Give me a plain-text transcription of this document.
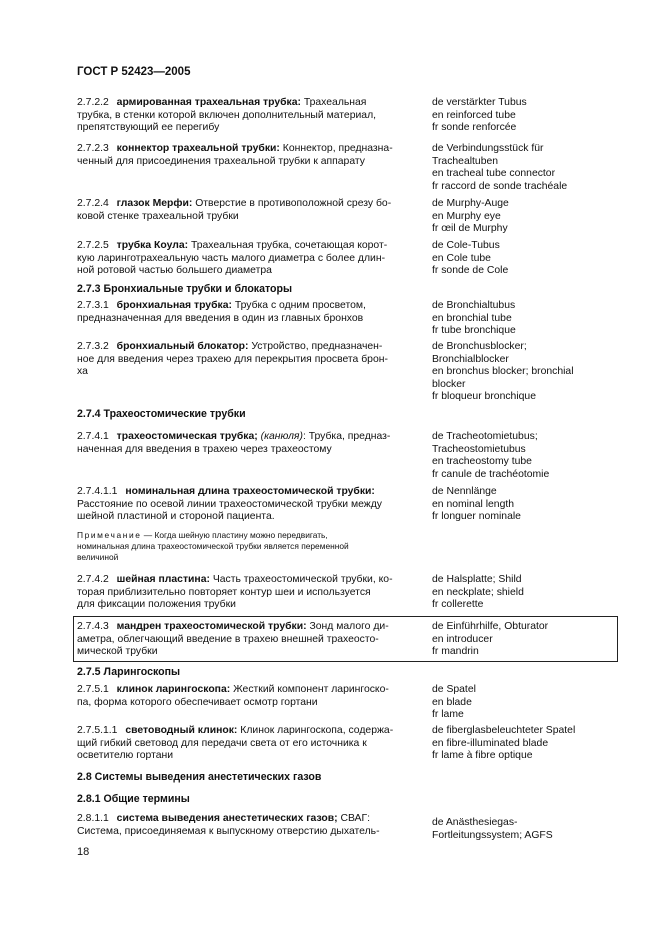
ГОСТ Р 52423—2005
2.7.2.2 армированная трахеальная трубка: Трахеальная
трубка, в стенки которой включен дополнительный материал,
препятствующий ее перегибу
de verstärkter Tubus
en reinforced tube
fr sonde renforcée
2.7.2.3 коннектор трахеальной трубки: Коннектор, предназна-
ченный для присоединения трахеальной трубки к аппарату
de Verbindungsstück für
Trachealtuben
en tracheal tube connector
fr raccord de sonde trachéale
2.7.2.4 глазок Мерфи: Отверстие в противоположной срезу бо-
ковой стенке трахеальной трубки
de Murphy-Auge
en Murphy eye
fr œil de Murphy
2.7.2.5 трубка Коула: Трахеальная трубка, сочетающая корот-
кую ларинготрахеальную часть малого диаметра с более длин-
ной ротовой частью большего диаметра
de Cole-Tubus
en Cole tube
fr sonde de Cole
2.7.3 Бронхиальные трубки и блокаторы
2.7.3.1 бронхиальная трубка: Трубка с одним просветом,
предназначенная для введения в один из главных бронхов
de Bronchialtubus
en bronchial tube
fr tube bronchique
2.7.3.2 бронхиальный блокатор: Устройство, предназначен-
ное для введения через трахею для перекрытия просвета брон-
ха
de Bronchusblocker;
Bronchialblocker
en bronchus blocker; bronchial
blocker
fr bloqueur bronchique
2.7.4 Трахеостомические трубки
2.7.4.1 трахеостомическая трубка; (канюля): Трубка, предназ-
наченная для введения в трахею через трахеостому
de Tracheotomietubus;
Tracheostomietubus
en tracheostomy tube
fr canule de trachéotomie
2.7.4.1.1 номинальная длина трахеостомической трубки:
Расстояние по осевой линии трахеостомической трубки между
шейной пластиной и стороной пациента.
de Nennlänge
en nominal length
fr longuer nominale
Примечание — Когда шейную пластину можно передвигать,
номинальная длина трахеостомической трубки является переменной
величиной
2.7.4.2 шейная пластина: Часть трахеостомической трубки, ко-
торая приблизительно повторяет контур шеи и используется
для фиксации положения трубки
de Halsplatte; Shild
en neckplate; shield
fr collerette
2.7.4.3 мандрен трахеостомической трубки: Зонд малого ди-
аметра, облегчающий введение в трахею внешней трахеосто-
мической трубки
de Einführhilfe, Obturator
en introducer
fr mandrin
2.7.5 Ларингоскопы
2.7.5.1 клинок ларингоскопа: Жесткий компонент ларингоско-
па, форма которого обеспечивает осмотр гортани
de Spatel
en blade
fr lame
2.7.5.1.1 световодный клинок: Клинок ларингоскопа, содержа-
щий гибкий световод для передачи света от его источника к
осветителю гортани
de fiberglasbeleuchteter Spatel
en fibre-illuminated blade
fr lame à fibre optique
2.8 Системы выведения анестетических газов
2.8.1 Общие термины
2.8.1.1 система выведения анестетических газов; СВАГ:
Система, присоединяемая к выпускному отверстию дыхатель-
de Anästhesiegas-
Fortleitungssystem; AGFS
18
